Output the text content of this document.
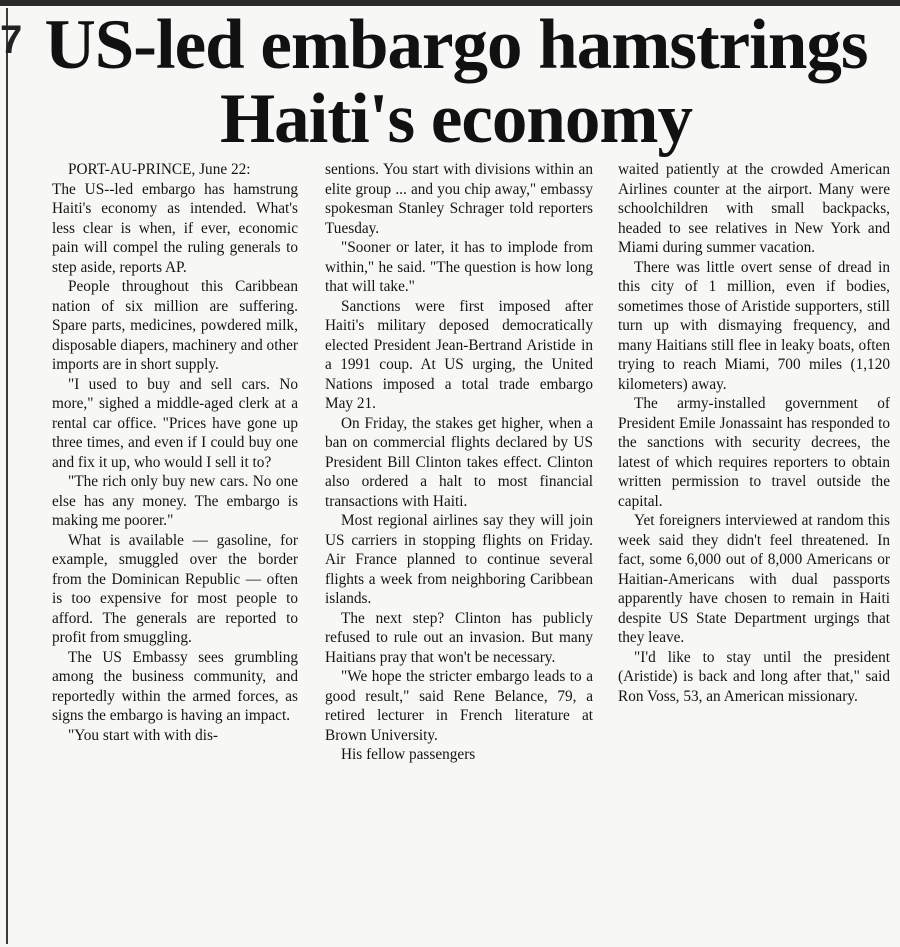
7 US-led embargo hamstrings
Haiti's economy

PORT-AU-PRINCE, June 22:
The US--led embargo has hamstrung Haiti's economy as intended. What's less clear is when, if ever, economic pain will compel the ruling generals to step aside, reports AP.

People throughout this Caribbean nation of six million are suffering. Spare parts, medicines, powdered milk, disposable diapers, machinery and other imports are in short supply.

"I used to buy and sell cars. No more," sighed a middle-aged clerk at a rental car office. "Prices have gone up three times, and even if I could buy one and fix it up, who would I sell it to?

"The rich only buy new cars. No one else has any money. The embargo is making me poorer."

What is available — gasoline, for example, smuggled over the border from the Dominican Republic — often is too expensive for most people to afford. The generals are reported to profit from smuggling.

The US Embassy sees grumbling among the business community, and reportedly within the armed forces, as signs the embargo is having an impact.

"You start with with dis-

sentions. You start with divisions within an elite group ... and you chip away," embassy spokesman Stanley Schrager told reporters Tuesday.

"Sooner or later, it has to implode from within," he said. "The question is how long that will take."

Sanctions were first imposed after Haiti's military deposed democratically elected President Jean-Bertrand Aristide in a 1991 coup. At US urging, the United Nations imposed a total trade embargo May 21.

On Friday, the stakes get higher, when a ban on commercial flights declared by US President Bill Clinton takes effect. Clinton also ordered a halt to most financial transactions with Haiti.

Most regional airlines say they will join US carriers in stopping flights on Friday. Air France planned to continue several flights a week from neighboring Caribbean islands.

The next step? Clinton has publicly refused to rule out an invasion. But many Haitians pray that won't be necessary.

"We hope the stricter embargo leads to a good result," said Rene Belance, 79, a retired lecturer in French literature at Brown University.

His fellow passengers

waited patiently at the crowded American Airlines counter at the airport. Many were schoolchildren with small backpacks, headed to see relatives in New York and Miami during summer vacation.

There was little overt sense of dread in this city of 1 million, even if bodies, sometimes those of Aristide supporters, still turn up with dismaying frequency, and many Haitians still flee in leaky boats, often trying to reach Miami, 700 miles (1,120 kilometers) away.

The army-installed government of President Emile Jonassaint has responded to the sanctions with security decrees, the latest of which requires reporters to obtain written permission to travel outside the capital.

Yet foreigners interviewed at random this week said they didn't feel threatened. In fact, some 6,000 out of 8,000 Americans or Haitian-Americans with dual passports apparently have chosen to remain in Haiti despite US State Department urgings that they leave.

"I'd like to stay until the president (Aristide) is back and long after that," said Ron Voss, 53, an American missionary.
